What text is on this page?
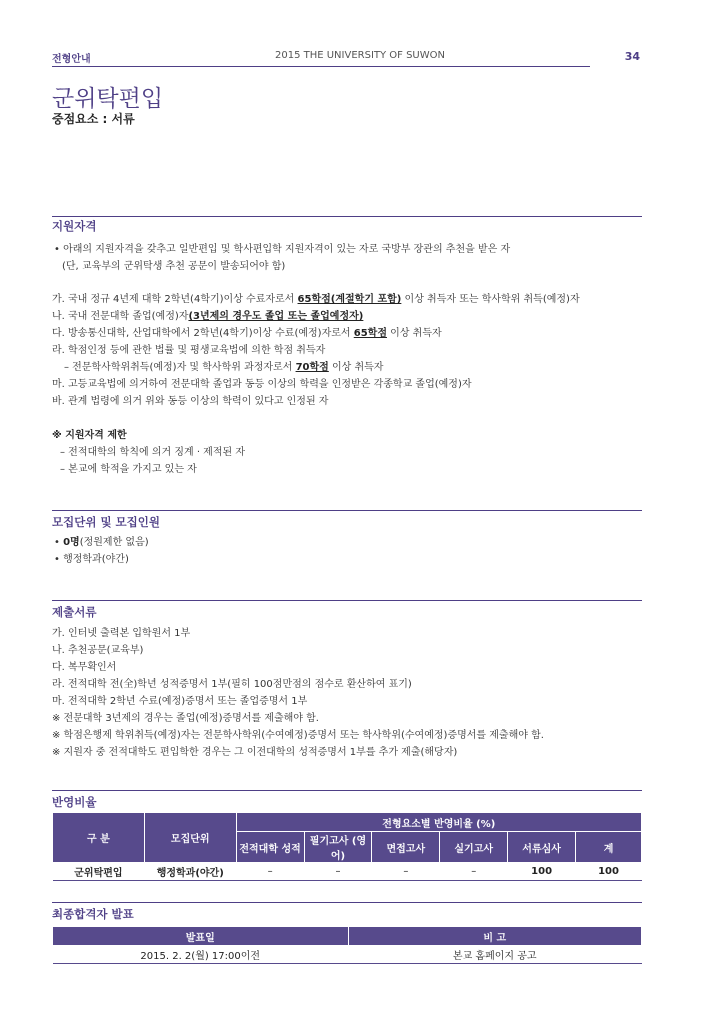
전형안내	2015 THE UNIVERSITY OF SUWON	34
군위탁편입
중점요소 : 서류
지원자격
• 아래의 지원자격을 갖추고 일반편입 및 학사편입학 지원자격이 있는 자로 국방부 장관의 추천을 받은 자
(단, 교육부의 군위탁생 추천 공문이 발송되어야 함)
가. 국내 정규 4년제 대학 2학년(4학기)이상 수료자로서 65학점(계절학기 포함) 이상 취득자 또는 학사학위 취득(예정)자
나. 국내 전문대학 졸업(예정)자(3년제의 경우도 졸업 또는 졸업예정자)
다. 방송통신대학, 산업대학에서 2학년(4학기)이상 수료(예정)자로서 65학점 이상 취득자
라. 학점인정 등에 관한 법률 및 평생교육법에 의한 학점 취득자
– 전문학사학위취득(예정)자 및 학사학위 과정자로서 70학점 이상 취득자
마. 고등교육법에 의거하여 전문대학 졸업과 동등 이상의 학력을 인정받은 각종학교 졸업(예정)자
바. 관계 법령에 의거 위와 동등 이상의 학력이 있다고 인정된 자
※ 지원자격 제한
– 전적대학의 학칙에 의거 징계 · 제적된 자
– 본교에 학적을 가지고 있는 자
모집단위 및 모집인원
• 0명(정원제한 없음)
• 행정학과(야간)
제출서류
가. 인터넷 출력본 입학원서 1부
나. 추천공문(교육부)
다. 복무확인서
라. 전적대학 전(全)학년 성적증명서 1부(필히 100점만점의 점수로 환산하여 표기)
마. 전적대학 2학년 수료(예정)증명서 또는 졸업증명서 1부
※ 전문대학 3년제의 경우는 졸업(예정)증명서를 제출해야 함.
※ 학점은행제 학위취득(예정)자는 전문학사학위(수여예정)증명서 또는 학사학위(수여예정)증명서를 제출해야 함.
※ 지원자 중 전적대학도 편입학한 경우는 그 이전대학의 성적증명서 1부를 추가 제출(해당자)
반영비율
구 분	모집단위	전형요소별 반영비율 (%)					
		전적대학 성적	필기고사 (영어)	면접고사	실기고사	서류심사	계
군위탁편입	행정학과(야간)	–	–	–	–	100	100
최종합격자 발표
발표일	비 고
2015. 2. 2(월) 17:00이전	본교 홈페이지 공고
